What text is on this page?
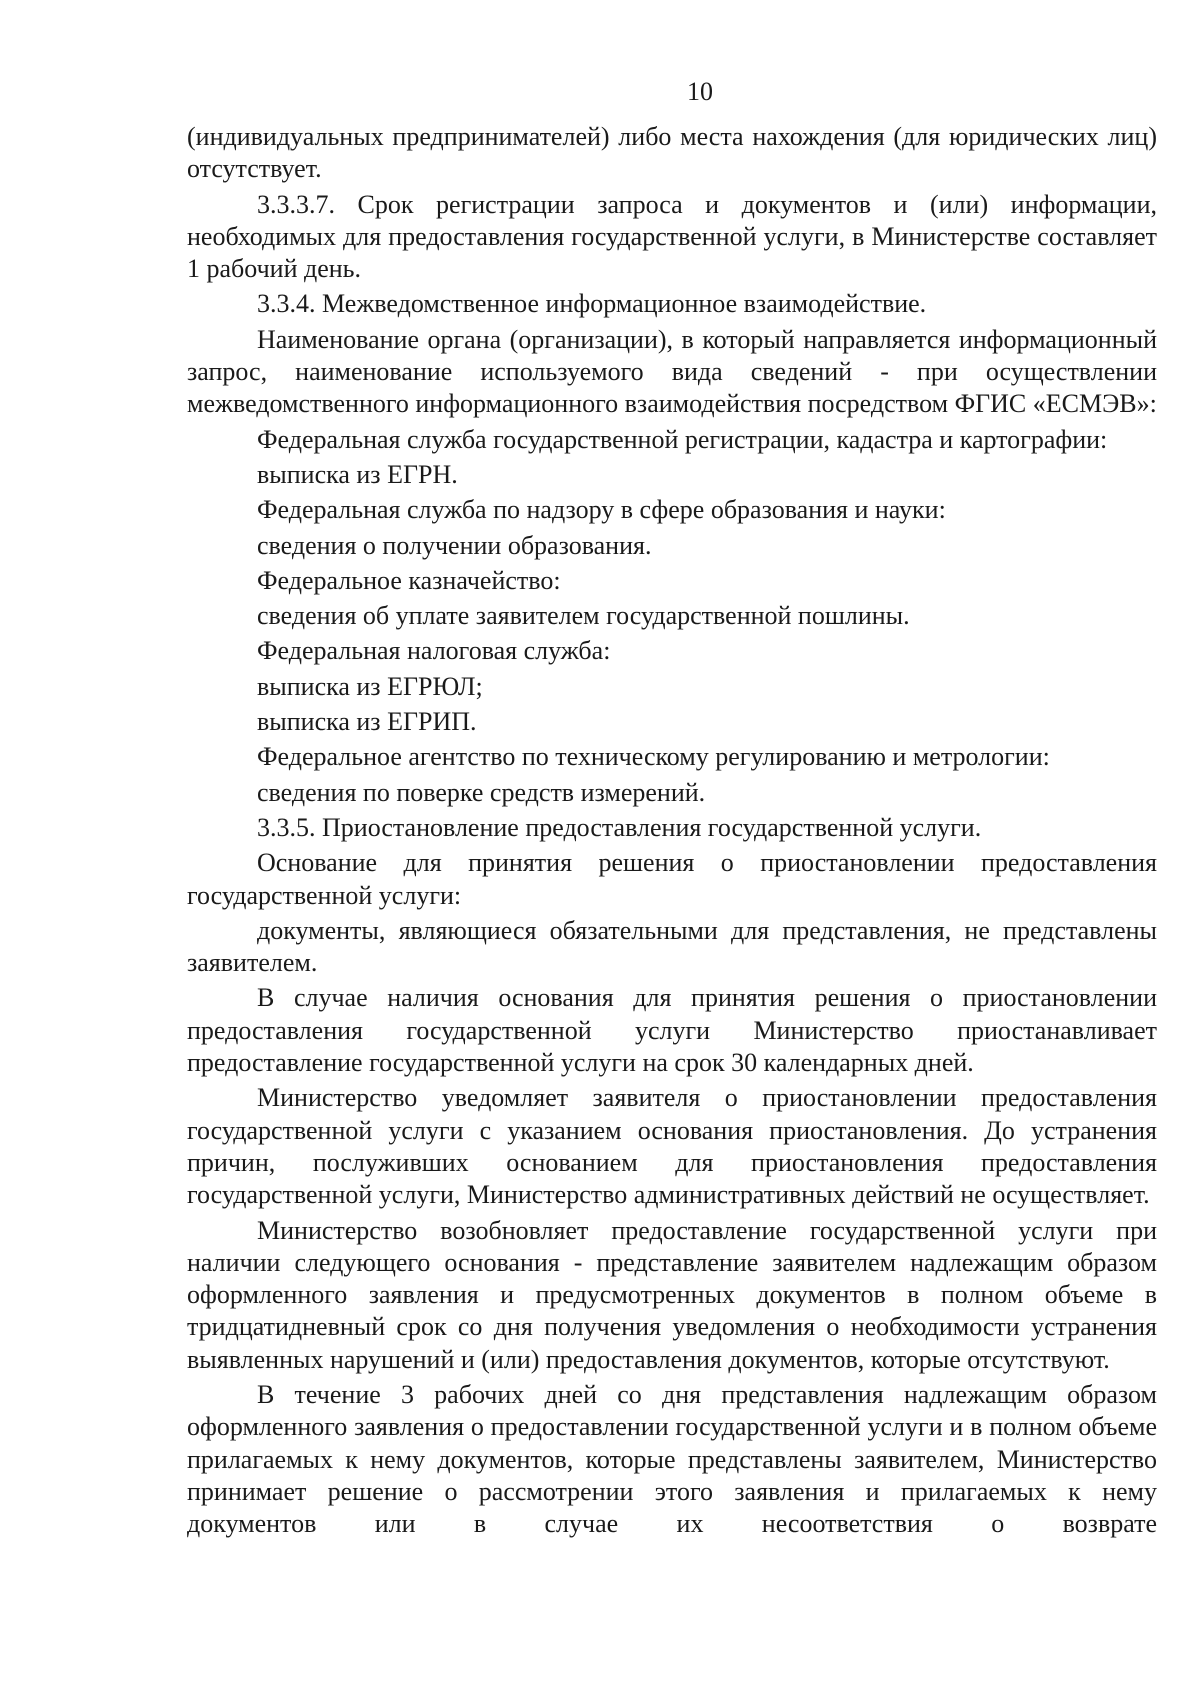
10

(индивидуальных предпринимателей) либо места нахождения (для юридических лиц) отсутствует.

3.3.3.7. Срок регистрации запроса и документов и (или) информации, необходимых для предоставления государственной услуги, в Министерстве составляет 1 рабочий день.

3.3.4. Межведомственное информационное взаимодействие.

Наименование органа (организации), в который направляется информационный запрос, наименование используемого вида сведений - при осуществлении межведомственного информационного взаимодействия посредством ФГИС «ЕСМЭВ»:

Федеральная служба государственной регистрации, кадастра и картографии:

выписка из ЕГРН.

Федеральная служба по надзору в сфере образования и науки:

сведения о получении образования.

Федеральное казначейство:

сведения об уплате заявителем государственной пошлины.

Федеральная налоговая служба:

выписка из ЕГРЮЛ;

выписка из ЕГРИП.

Федеральное агентство по техническому регулированию и метрологии:

сведения по поверке средств измерений.

3.3.5. Приостановление предоставления государственной услуги.

Основание для принятия решения о приостановлении предоставления государственной услуги:

документы, являющиеся обязательными для представления, не представлены заявителем.

В случае наличия основания для принятия решения о приостановлении предоставления государственной услуги Министерство приостанавливает предоставление государственной услуги на срок 30 календарных дней.

Министерство уведомляет заявителя о приостановлении предоставления государственной услуги с указанием основания приостановления. До устранения причин, послуживших основанием для приостановления предоставления государственной услуги, Министерство административных действий не осуществляет.

Министерство возобновляет предоставление государственной услуги при наличии следующего основания - представление заявителем надлежащим образом оформленного заявления и предусмотренных документов в полном объеме в тридцатидневный срок со дня получения уведомления о необходимости устранения выявленных нарушений и (или) предоставления документов, которые отсутствуют.

В течение 3 рабочих дней со дня представления надлежащим образом оформленного заявления о предоставлении государственной услуги и в полном объеме прилагаемых к нему документов, которые представлены заявителем, Министерство принимает решение о рассмотрении этого заявления и прилагаемых к нему документов или в случае их несоответствия о возврате
